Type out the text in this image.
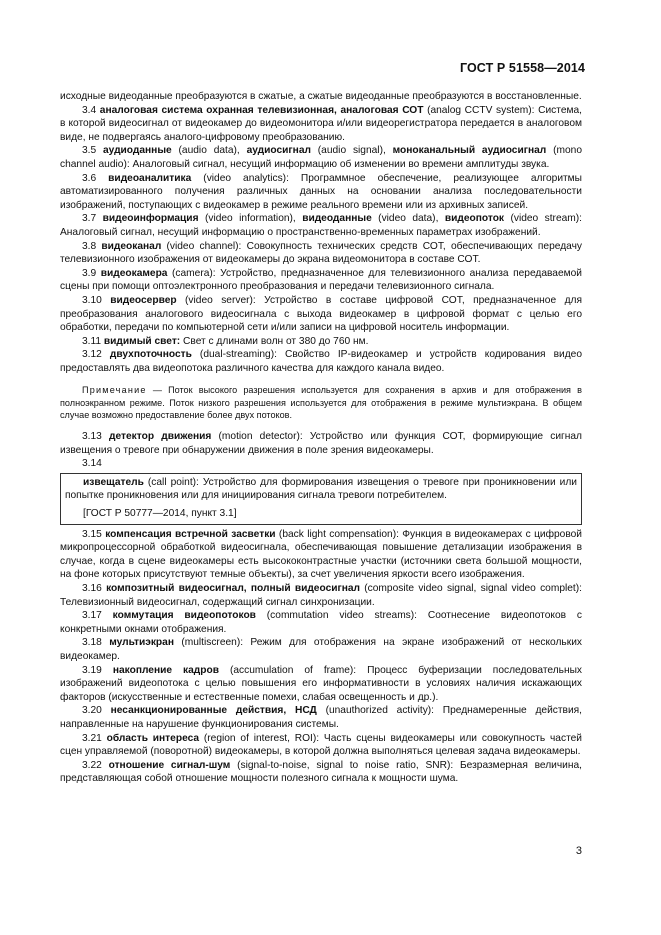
ГОСТ Р 51558—2014

исходные видеоданные преобразуются в сжатые, а сжатые видеоданные преобразуются в восстановленные.

3.4 аналоговая система охранная телевизионная, аналоговая СОТ (analog CCTV system): Система, в которой видеосигнал от видеокамер до видеомонитора и/или видеорегистратора передается в аналоговом виде, не подвергаясь аналого-цифровому преобразованию.

3.5 аудиоданные (audio data), аудиосигнал (audio signal), моноканальный аудиосигнал (mono channel audio): Аналоговый сигнал, несущий информацию об изменении во времени амплитуды звука.

3.6 видеоаналитика (video analytics): Программное обеспечение, реализующее алгоритмы автоматизированного получения различных данных на основании анализа последовательности изображений, поступающих с видеокамер в режиме реального времени или из архивных записей.

3.7 видеоинформация (video information), видеоданные (video data), видеопоток (video stream): Аналоговый сигнал, несущий информацию о пространственно-временных параметрах изображений.

3.8 видеоканал (video channel): Совокупность технических средств СОТ, обеспечивающих передачу телевизионного изображения от видеокамеры до экрана видеомонитора в составе СОТ.

3.9 видеокамера (camera): Устройство, предназначенное для телевизионного анализа передаваемой сцены при помощи оптоэлектронного преобразования и передачи телевизионного сигнала.

3.10 видеосервер (video server): Устройство в составе цифровой СОТ, предназначенное для преобразования аналогового видеосигнала с выхода видеокамер в цифровой формат с целью его обработки, передачи по компьютерной сети и/или записи на цифровой носитель информации.

3.11 видимый свет: Свет с длинами волн от 380 до 760 нм.

3.12 двухпоточность (dual-streaming): Свойство IP-видеокамер и устройств кодирования видео предоставлять два видеопотока различного качества для каждого канала видео.

Примечание — Поток высокого разрешения используется для сохранения в архив и для отображения в полноэкранном режиме. Поток низкого разрешения используется для отображения в режиме мультиэкрана. В общем случае возможно предоставление более двух потоков.

3.13 детектор движения (motion detector): Устройство или функция СОТ, формирующие сигнал извещения о тревоге при обнаружении движения в поле зрения видеокамеры.

3.14

извещатель (call point): Устройство для формирования извещения о тревоге при проникновении или попытке проникновения или для инициирования сигнала тревоги потребителем.

[ГОСТ Р 50777—2014, пункт 3.1]

3.15 компенсация встречной засветки (back light compensation): Функция в видеокамерах с цифровой микропроцессорной обработкой видеосигнала, обеспечивающая повышение детализации изображения в случае, когда в сцене видеокамеры есть высококонтрастные участки (источники света большой мощности, на фоне которых присутствуют темные объекты), за счет увеличения яркости всего изображения.

3.16 композитный видеосигнал, полный видеосигнал (composite video signal, signal video complet): Телевизионный видеосигнал, содержащий сигнал синхронизации.

3.17 коммутация видеопотоков (commutation video streams): Соотнесение видеопотоков с конкретными окнами отображения.

3.18 мультиэкран (multiscreen): Режим для отображения на экране изображений от нескольких видеокамер.

3.19 накопление кадров (accumulation of frame): Процесс буферизации последовательных изображений видеопотока с целью повышения его информативности в условиях наличия искажающих факторов (искусственные и естественные помехи, слабая освещенность и др.).

3.20 несанкционированные действия, НСД (unauthorized activity): Преднамеренные действия, направленные на нарушение функционирования системы.

3.21 область интереса (region of interest, ROI): Часть сцены видеокамеры или совокупность частей сцен управляемой (поворотной) видеокамеры, в которой должна выполняться целевая задача видеокамеры.

3.22 отношение сигнал-шум (signal-to-noise, signal to noise ratio, SNR): Безразмерная величина, представляющая собой отношение мощности полезного сигнала к мощности шума.

3
